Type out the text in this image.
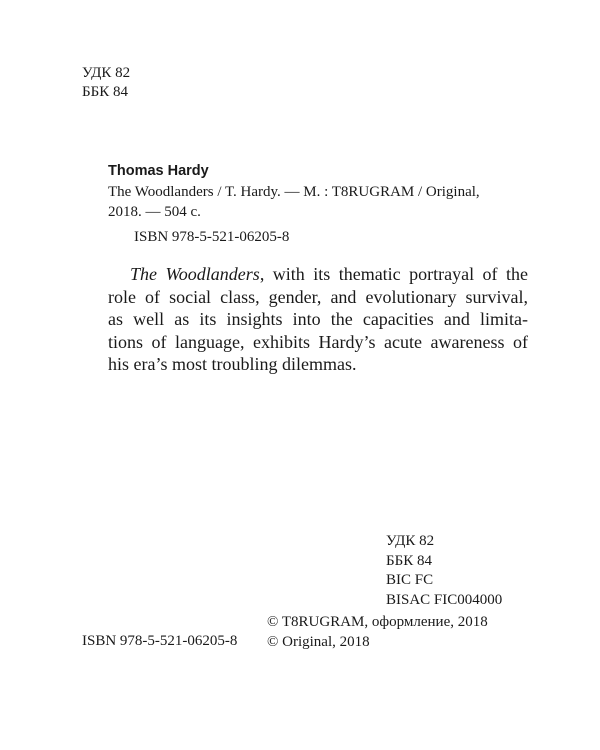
УДК 82
ББК 84
Thomas Hardy
The Woodlanders / T. Hardy. — M. : T8RUGRAM / Original,
2018. — 504 c.
ISBN 978-5-521-06205-8
The Woodlanders, with its thematic portrayal of the
role of social class, gender, and evolutionary survival,
as well as its insights into the capacities and limita-
tions of language, exhibits Hardy’s acute awareness of
his era’s most troubling dilemmas.
УДК 82
ББК 84
BIC FC
BISAC FIC004000
© T8RUGRAM, оформление, 2018
© Original, 2018
ISBN 978-5-521-06205-8
